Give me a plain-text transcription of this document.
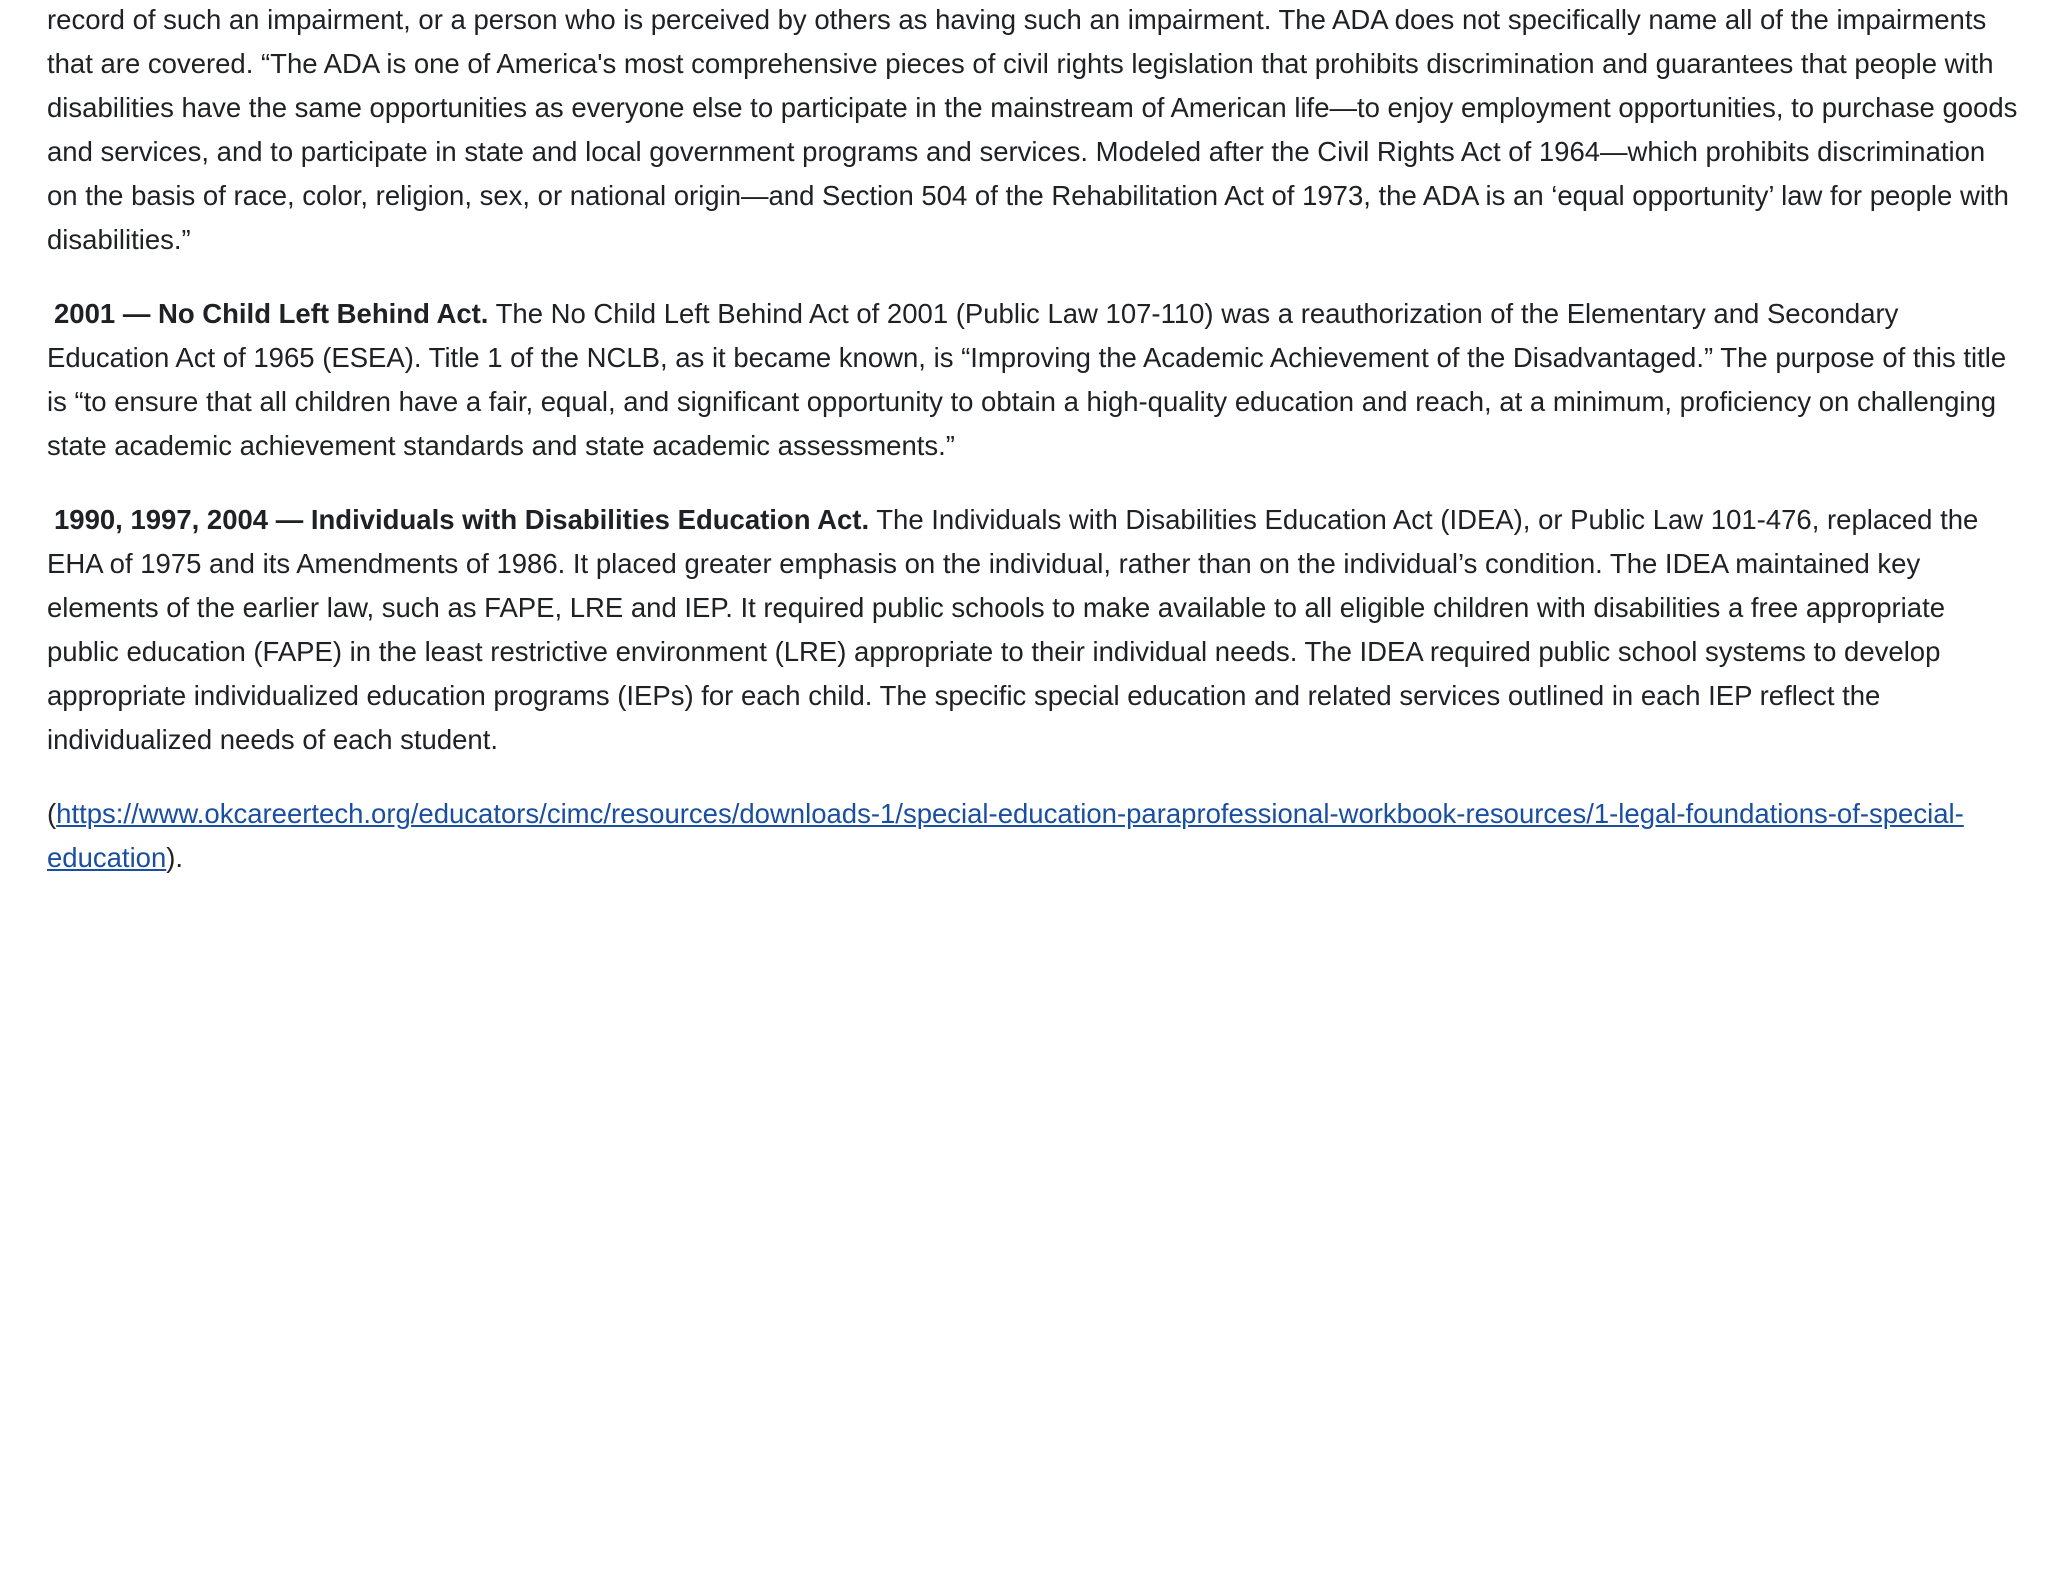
record of such an impairment, or a person who is perceived by others as having such an impairment. The ADA does not specifically name all of the impairments that are covered. “The ADA is one of America's most comprehensive pieces of civil rights legislation that prohibits discrimination and guarantees that people with disabilities have the same opportunities as everyone else to participate in the mainstream of American life—to enjoy employment opportunities, to purchase goods and services, and to participate in state and local government programs and services. Modeled after the Civil Rights Act of 1964—which prohibits discrimination on the basis of race, color, religion, sex, or national origin—and Section 504 of the Rehabilitation Act of 1973, the ADA is an ‘equal opportunity’ law for people with disabilities.”

2001 — No Child Left Behind Act. The No Child Left Behind Act of 2001 (Public Law 107-110) was a reauthorization of the Elementary and Secondary Education Act of 1965 (ESEA). Title 1 of the NCLB, as it became known, is “Improving the Academic Achievement of the Disadvantaged.” The purpose of this title is “to ensure that all children have a fair, equal, and significant opportunity to obtain a high-quality education and reach, at a minimum, proficiency on challenging state academic achievement standards and state academic assessments.”

1990, 1997, 2004 — Individuals with Disabilities Education Act. The Individuals with Disabilities Education Act (IDEA), or Public Law 101-476, replaced the EHA of 1975 and its Amendments of 1986. It placed greater emphasis on the individual, rather than on the individual’s condition. The IDEA maintained key elements of the earlier law, such as FAPE, LRE and IEP. It required public schools to make available to all eligible children with disabilities a free appropriate public education (FAPE) in the least restrictive environment (LRE) appropriate to their individual needs. The IDEA required public school systems to develop appropriate individualized education programs (IEPs) for each child. The specific special education and related services outlined in each IEP reflect the individualized needs of each student.

(https://www.okcareertech.org/educators/cimc/resources/downloads-1/special-education-paraprofessional-workbook-resources/1-legal-foundations-of-special-education).
